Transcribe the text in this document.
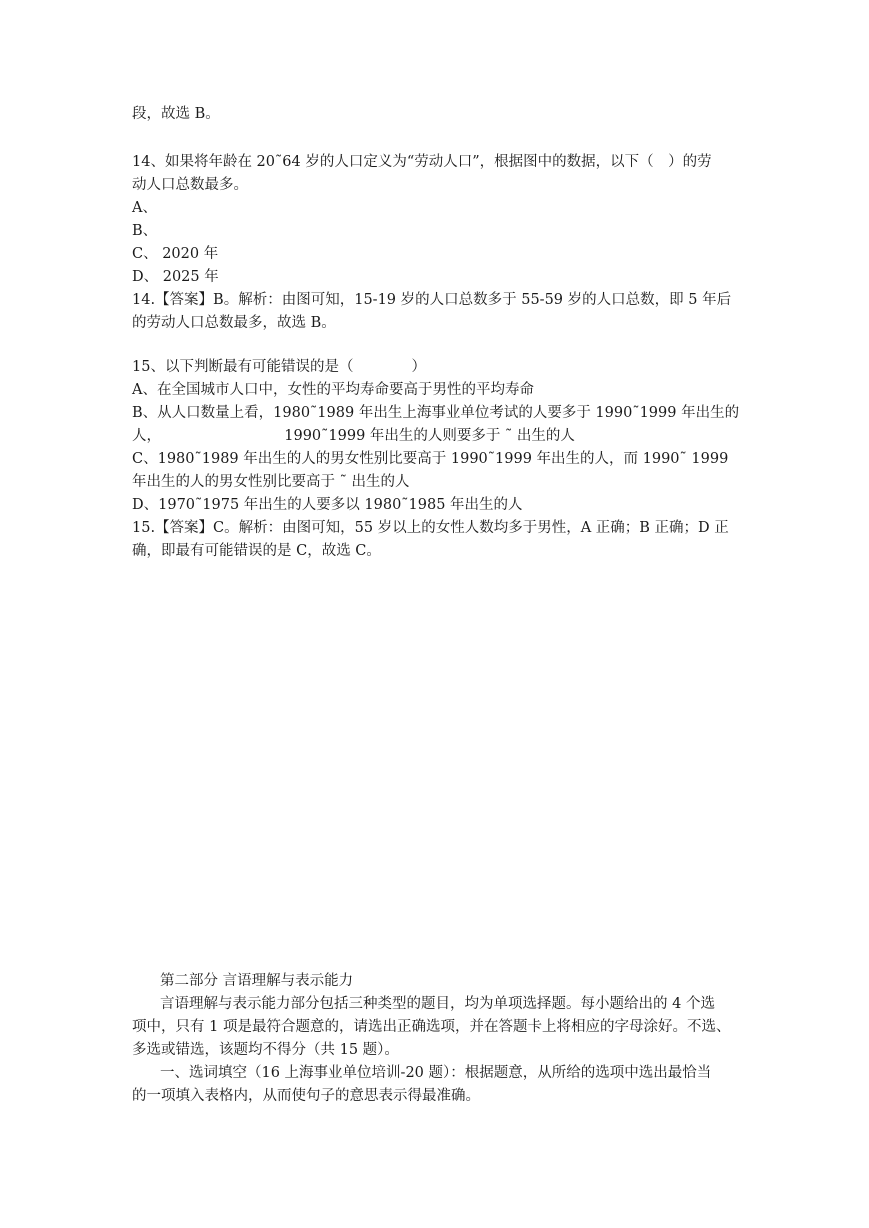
段，故选 B。
14、如果将年龄在 20˜64 岁的人口定义为“劳动人口”，根据图中的数据，以下（　）的劳
动人口总数最多。
A、
B、
C、 2020 年
D、 2025 年
14.【答案】B。解析：由图可知，15-19 岁的人口总数多于 55-59 岁的人口总数，即 5 年后
的劳动人口总数最多，故选 B。
15、以下判断最有可能错误的是（　　　　）
A、在全国城市人口中，女性的平均寿命要高于男性的平均寿命
B、从人口数量上看，1980˜1989 年出生上海事业单位考试的人要多于 1990˜1999 年出生的
人，　　　　　　　　　1990˜1999 年出生的人则要多于 ˜ 出生的人
C、1980˜1989 年出生的人的男女性别比要高于 1990˜1999 年出生的人，而 1990˜ 1999
年出生的人的男女性别比要高于 ˜ 出生的人
D、1970˜1975 年出生的人要多以 1980˜1985 年出生的人
15.【答案】C。解析：由图可知，55 岁以上的女性人数均多于男性，A 正确；B 正确；D 正
确，即最有可能错误的是 C，故选 C。
第二部分 言语理解与表示能力
言语理解与表示能力部分包括三种类型的题目，均为单项选择题。每小题给出的 4 个选
项中，只有 1 项是最符合题意的，请选出正确选项，并在答题卡上将相应的字母涂好。不选、
多选或错选，该题均不得分（共 15 题）。
一、选词填空（16 上海事业单位培训-20 题）：根据题意，从所给的选项中选出最恰当
的一项填入表格内，从而使句子的意思表示得最准确。
